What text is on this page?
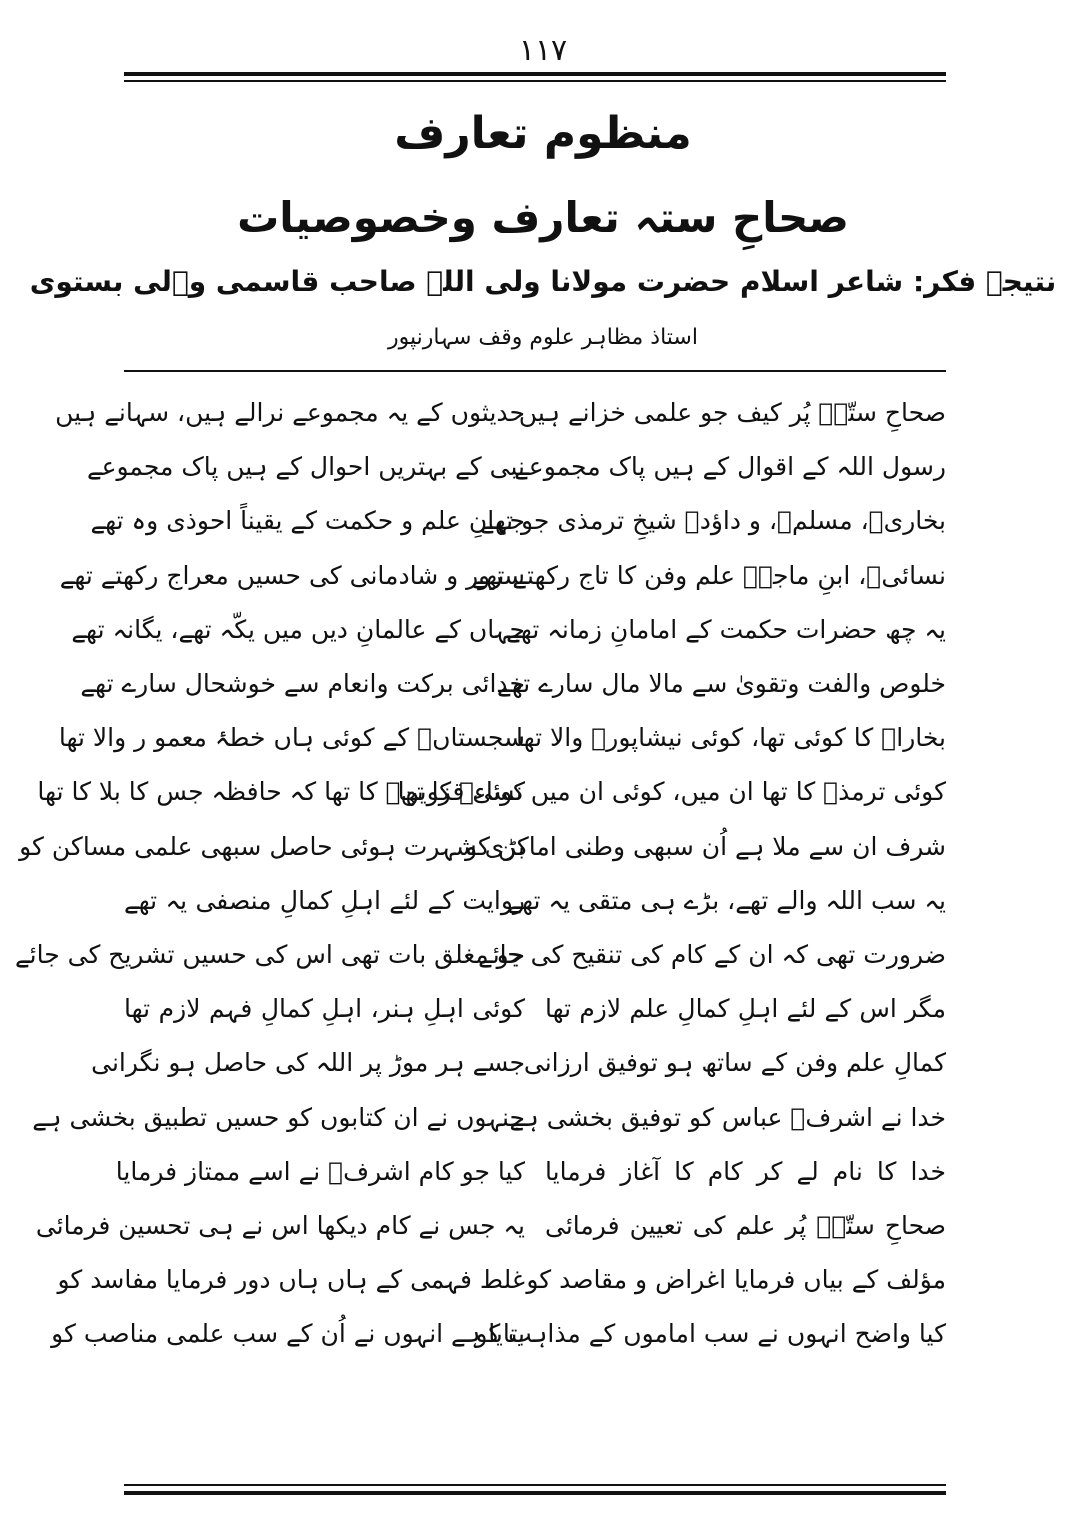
۱۱۷
منظوم تعارف
صحاحِ ستہ تعارف وخصوصیات
نتیجۂ فکر: شاعر اسلام حضرت مولانا ولی اللہ صاحب قاسمی وؔلی بستوی
استاذ مظاہر علوم وقف سہارنپور
صحاحِ ستّہؔ پُر کیف جو علمی خزانے ہیں
حدیثوں کے یہ مجموعے نرالے ہیں، سہانے ہیں
رسول اللہ کے اقوال کے ہیں پاک مجموعے
نبی کے بہتریں احوال کے ہیں پاک مجموعے
بخاریؔ، مسلمؔ، و داؤدؔ شیخِ ترمذی جو تھے
جہانِ علم و حکمت کے یقیناً احوذی وہ تھے
نسائیؔ، ابنِ ماجہؔ علم وفن کا تاج رکھتے تھے
سرور و شادمانی کی حسیں معراج رکھتے تھے
یہ چھ حضرات حکمت کے امامانِ زمانہ تھے
جہاں کے عالمانِ دیں میں یکّہ تھے، یگانہ تھے
خلوص والفت وتقویٰ سے مالا مال سارے تھے
خدائی برکت وانعام سے خوشحال سارے تھے
بخاراؔ کا کوئی تھا، کوئی نیشاپورؔ والا تھا
سجستاںؔ کے کوئی ہاں خطۂ معمو ر والا تھا
کوئی ترمذؔ کا تھا ان میں، کوئی ان میں نساءؔ کا تھا
کوئی قزوینؔ کا تھا کہ حافظہ جس کا بلا کا تھا
شرف ان سے ملا ہے اُن سبھی وطنی اماکن کو
بڑی شہرت ہوئی حاصل سبھی علمی مساکن کو
یہ سب اللہ والے تھے، بڑے ہی متقی یہ تھے
روایت کے لئے اہلِ کمالِ منصفی یہ تھے
ضرورت تھی کہ ان کے کام کی تنقیح کی جائے
جو مغلق بات تھی اس کی حسیں تشریح کی جائے
مگر اس کے لئے اہلِ کمالِ علم لازم تھا
کوئی اہلِ ہنر، اہلِ کمالِ فہم لازم تھا
کمالِ علم وفن کے ساتھ ہو توفیق ارزانی
جسے ہر موڑ پر اللہ کی حاصل ہو نگرانی
خدا نے اشرفؔ عباس کو توفیق بخشی ہے
جنہوں نے ان کتابوں کو حسیں تطبیق بخشی ہے
خدا کا نام لے کر کام کا آغاز فرمایا
کیا جو کام اشرفؔ نے اسے ممتاز فرمایا
صحاحِ ستّہؔ پُر علم کی تعیین فرمائی
یہ جس نے کام دیکھا اس نے ہی تحسین فرمائی
مؤلف کے بیاں فرمایا اغراض و مقاصد کو
غلط فہمی کے ہاں ہاں دور فرمایا مفاسد کو
کیا واضح انہوں نے سب اماموں کے مذاہب کو
بتایا ہے انہوں نے اُن کے سب علمی مناصب کو
